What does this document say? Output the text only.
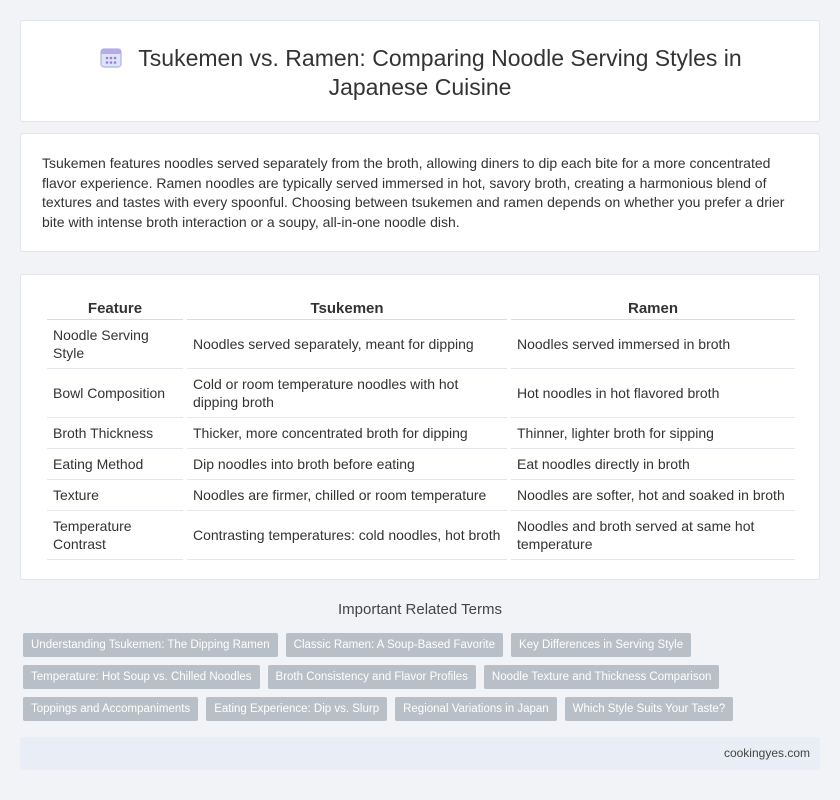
Tsukemen vs. Ramen: Comparing Noodle Serving Styles in
Japanese Cuisine

Tsukemen features noodles served separately from the broth, allowing diners to dip each bite for a more concentrated flavor experience. Ramen noodles are typically served immersed in hot, savory broth, creating a harmonious blend of textures and tastes with every spoonful. Choosing between tsukemen and ramen depends on whether you prefer a drier bite with intense broth interaction or a soupy, all-in-one noodle dish.

Feature	Tsukemen	Ramen
Noodle Serving Style	Noodles served separately, meant for dipping	Noodles served immersed in broth
Bowl Composition	Cold or room temperature noodles with hot dipping broth	Hot noodles in hot flavored broth
Broth Thickness	Thicker, more concentrated broth for dipping	Thinner, lighter broth for sipping
Eating Method	Dip noodles into broth before eating	Eat noodles directly in broth
Texture	Noodles are firmer, chilled or room temperature	Noodles are softer, hot and soaked in broth
Temperature Contrast	Contrasting temperatures: cold noodles, hot broth	Noodles and broth served at same hot temperature
Important Related Terms
Understanding Tsukemen: The Dipping Ramen	Classic Ramen: A Soup-Based Favorite	Key Differences in Serving Style
Temperature: Hot Soup vs. Chilled Noodles	Broth Consistency and Flavor Profiles	Noodle Texture and Thickness Comparison
Toppings and Accompaniments	Eating Experience: Dip vs. Slurp	Regional Variations in Japan	Which Style Suits Your Taste?
cookingyes.com
